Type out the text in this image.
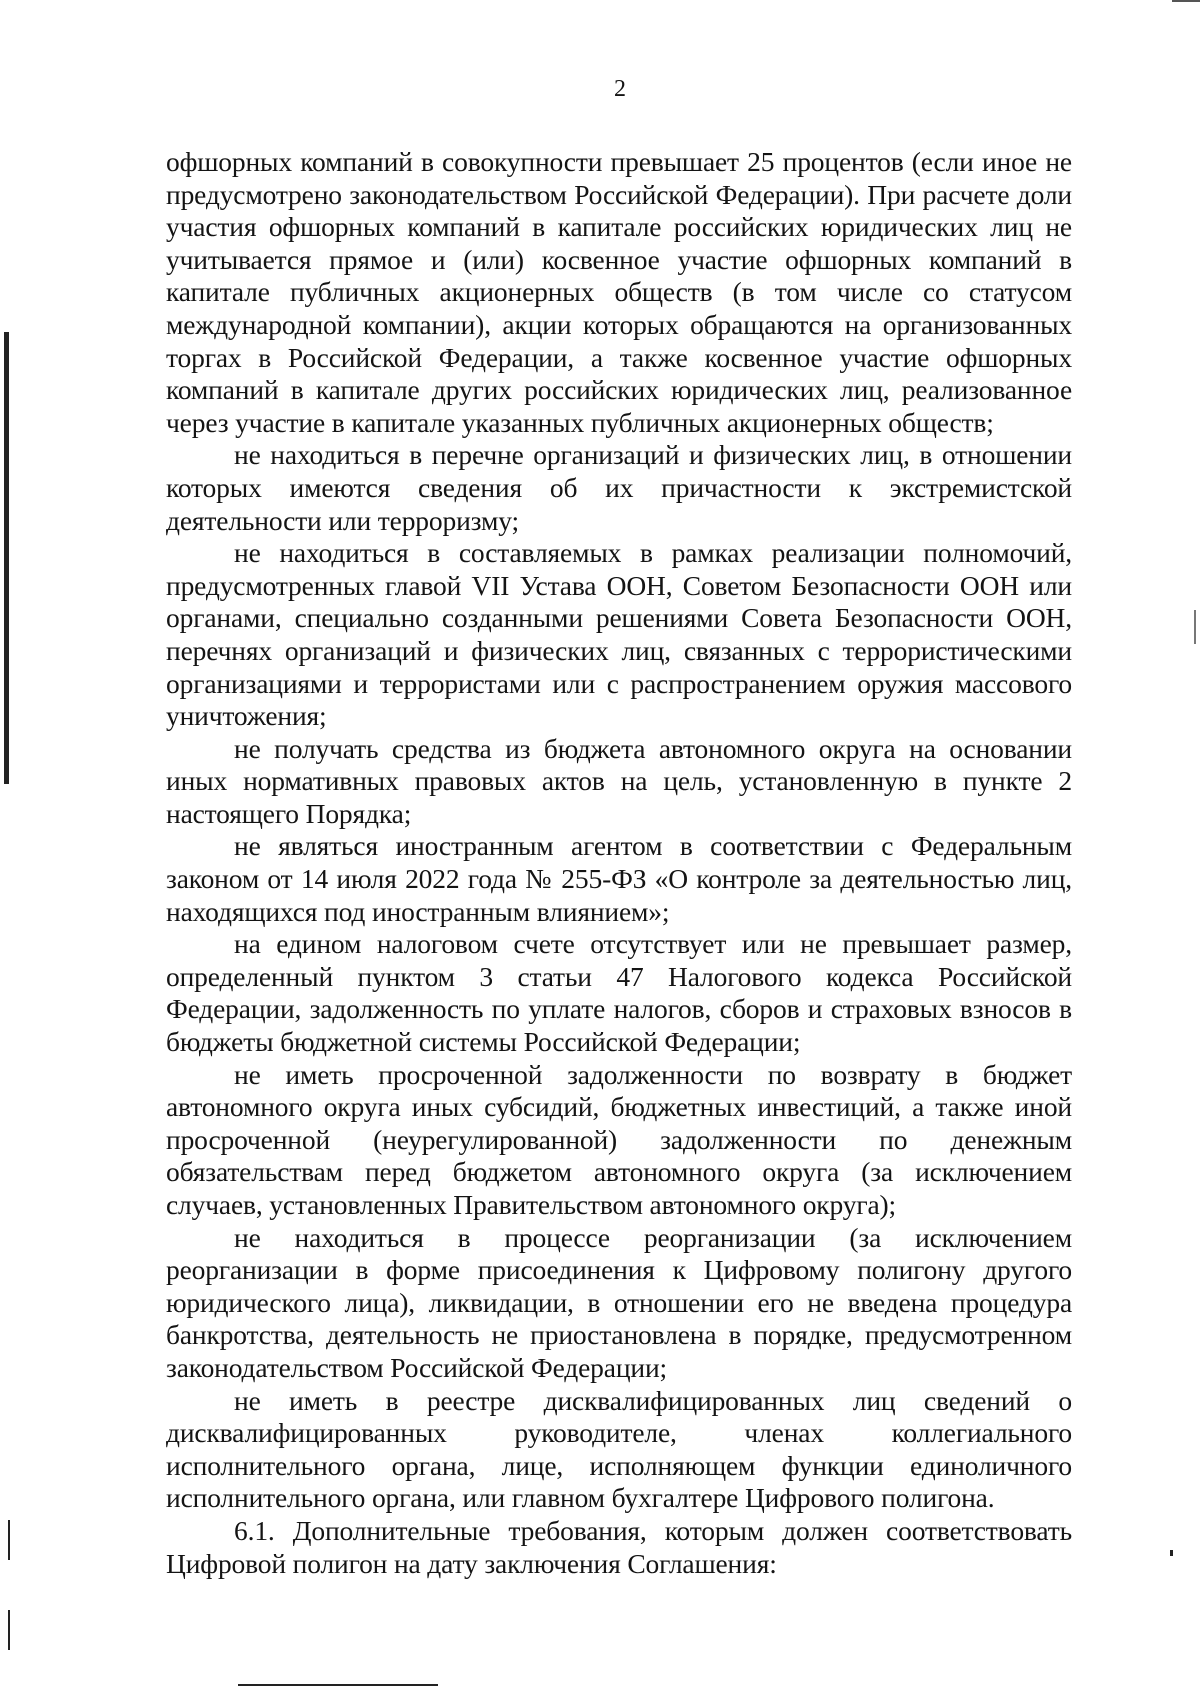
2

офшорных компаний в совокупности превышает 25 процентов (если иное не предусмотрено законодательством Российской Федерации). При расчете доли участия офшорных компаний в капитале российских юридических лиц не учитывается прямое и (или) косвенное участие офшорных компаний в капитале публичных акционерных обществ (в том числе со статусом международной компании), акции которых обращаются на организованных торгах в Российской Федерации, а также косвенное участие офшорных компаний в капитале других российских юридических лиц, реализованное через участие в капитале указанных публичных акционерных обществ;

не находиться в перечне организаций и физических лиц, в отношении которых имеются сведения об их причастности к экстремистской деятельности или терроризму;

не находиться в составляемых в рамках реализации полномочий, предусмотренных главой VII Устава ООН, Советом Безопасности ООН или органами, специально созданными решениями Совета Безопасности ООН, перечнях организаций и физических лиц, связанных с террористическими организациями и террористами или с распространением оружия массового уничтожения;

не получать средства из бюджета автономного округа на основании иных нормативных правовых актов на цель, установленную в пункте 2 настоящего Порядка;

не являться иностранным агентом в соответствии с Федеральным законом от 14 июля 2022 года № 255-ФЗ «О контроле за деятельностью лиц, находящихся под иностранным влиянием»;

на едином налоговом счете отсутствует или не превышает размер, определенный пунктом 3 статьи 47 Налогового кодекса Российской Федерации, задолженность по уплате налогов, сборов и страховых взносов в бюджеты бюджетной системы Российской Федерации;

не иметь просроченной задолженности по возврату в бюджет автономного округа иных субсидий, бюджетных инвестиций, а также иной просроченной (неурегулированной) задолженности по денежным обязательствам перед бюджетом автономного округа (за исключением случаев, установленных Правительством автономного округа);

не находиться в процессе реорганизации (за исключением реорганизации в форме присоединения к Цифровому полигону другого юридического лица), ликвидации, в отношении его не введена процедура банкротства, деятельность не приостановлена в порядке, предусмотренном законодательством Российской Федерации;

не иметь в реестре дисквалифицированных лиц сведений о дисквалифицированных руководителе, членах коллегиального исполнительного органа, лице, исполняющем функции единоличного исполнительного органа, или главном бухгалтере Цифрового полигона.

6.1. Дополнительные требования, которым должен соответствовать Цифровой полигон на дату заключения Соглашения:
